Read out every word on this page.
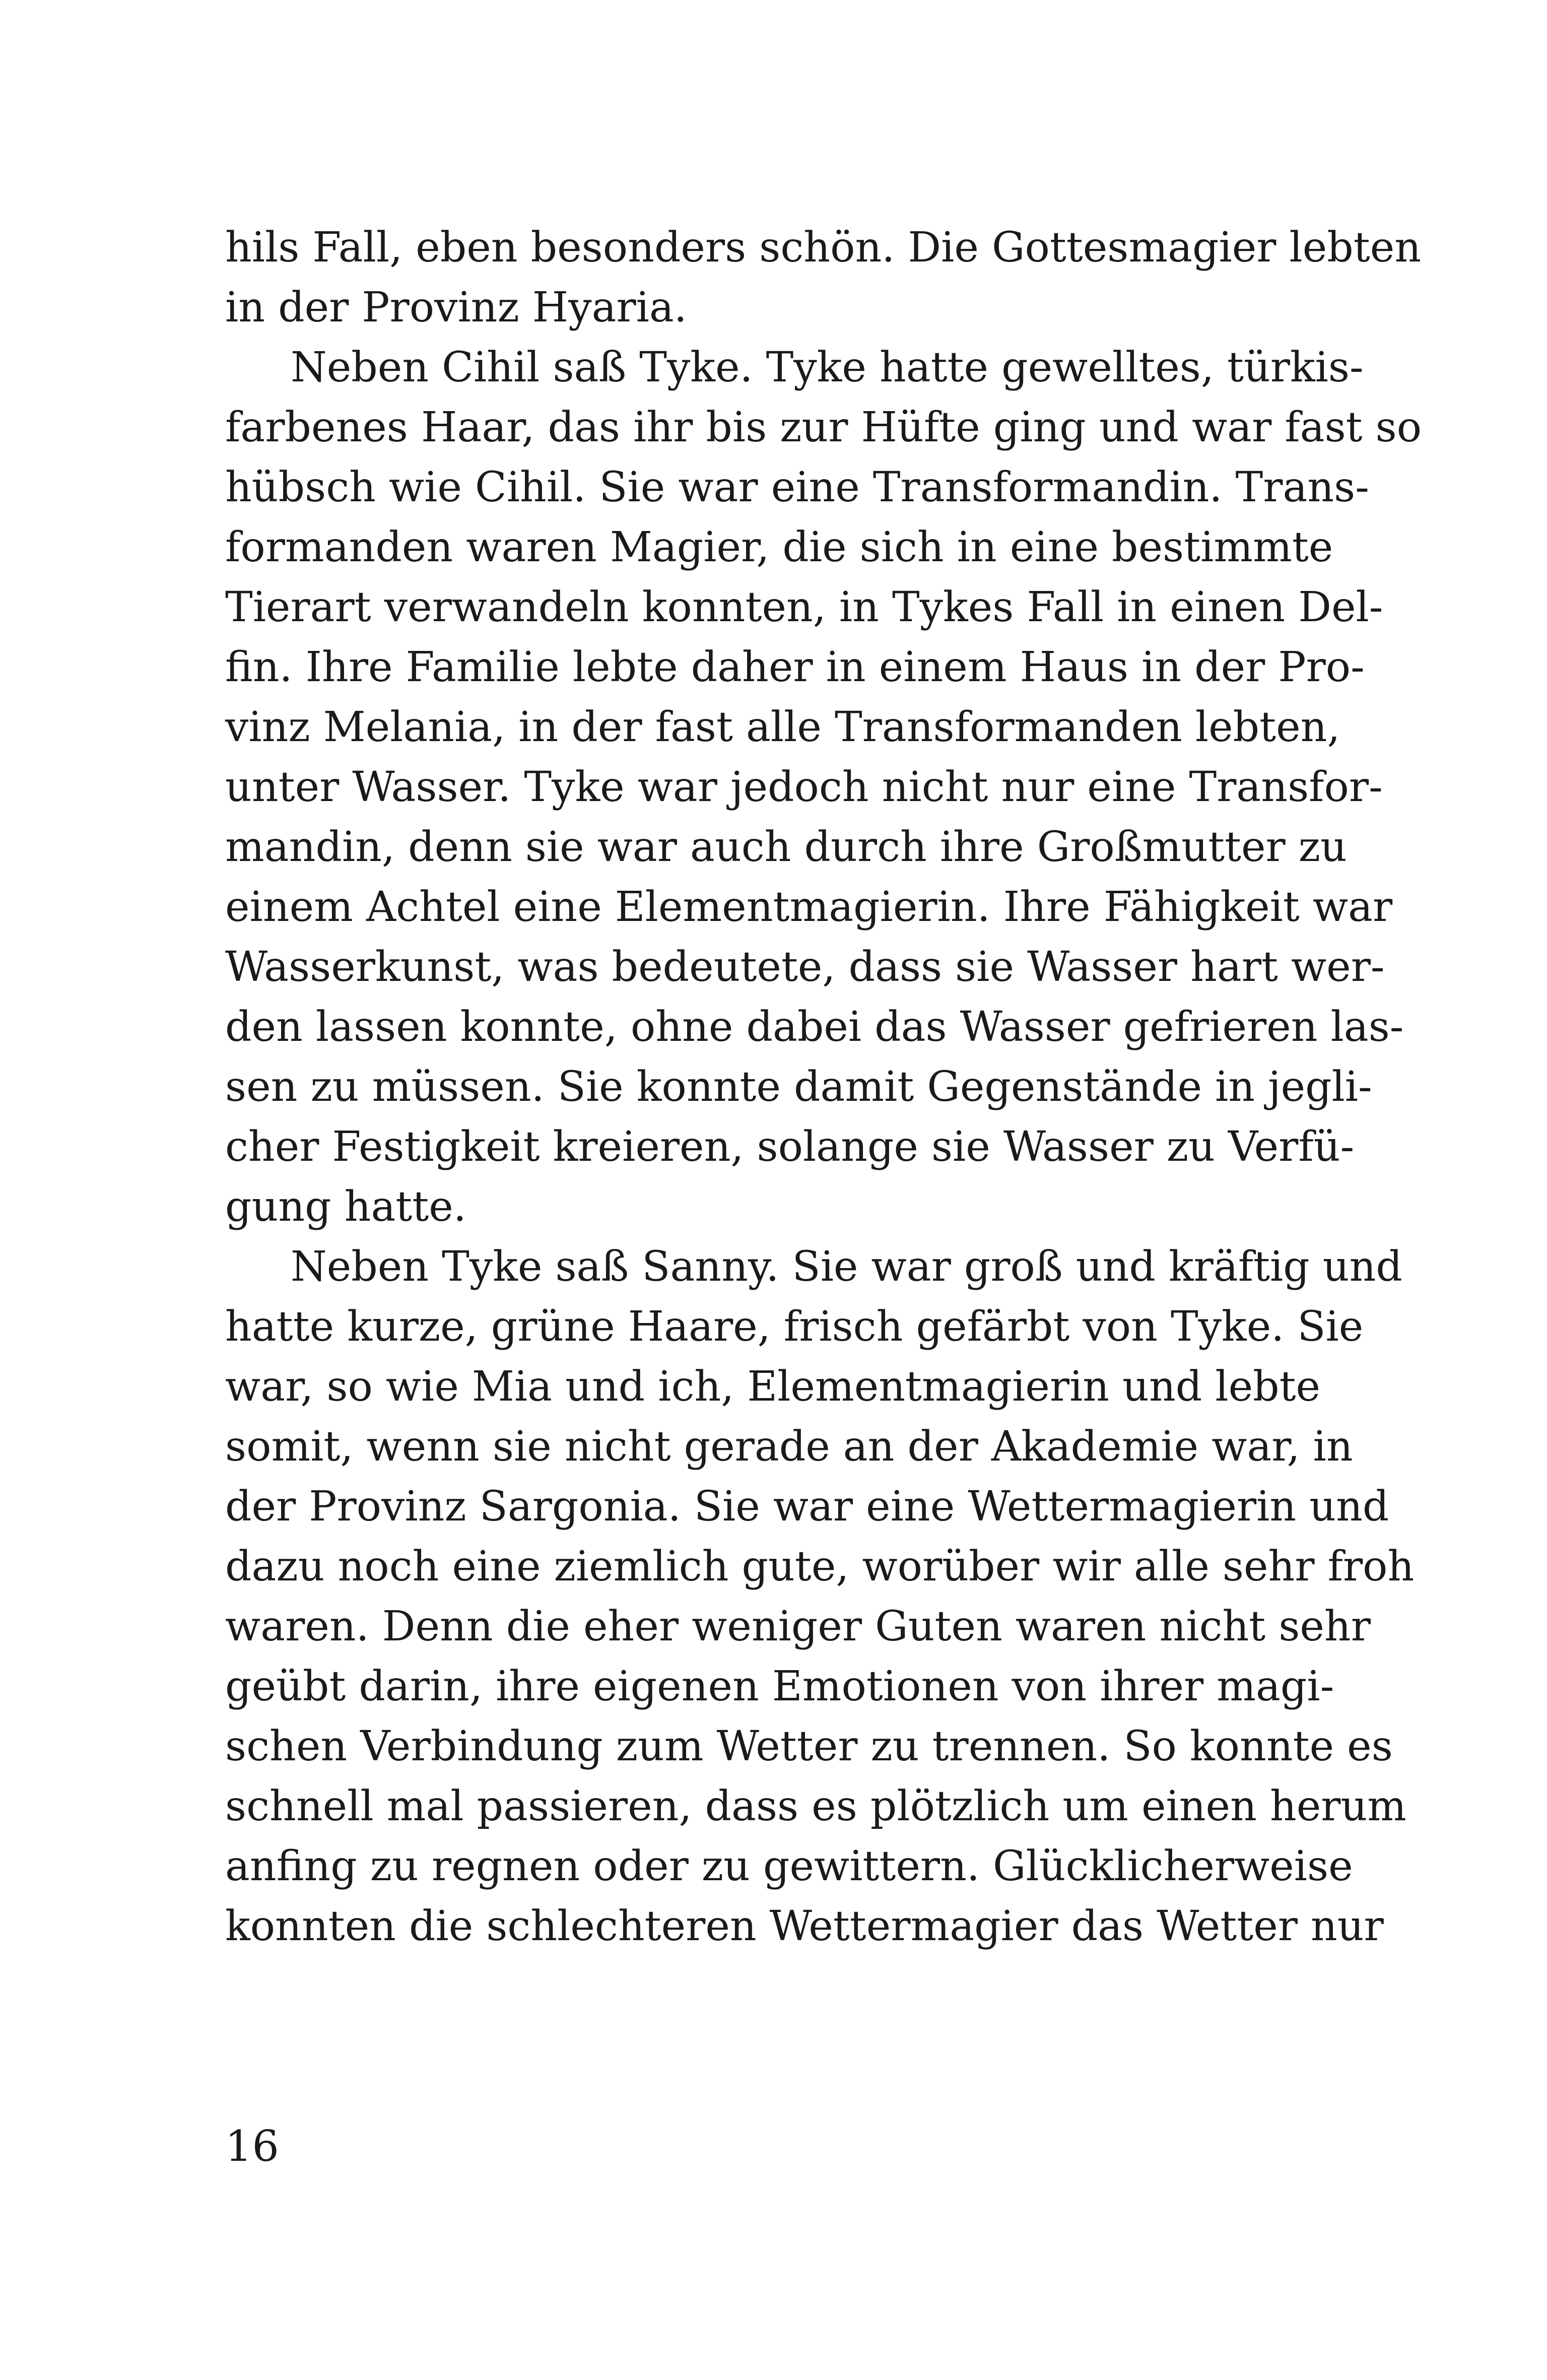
hils Fall, eben besonders schön. Die Gottesmagier lebten
in der Provinz Hyaria.
Neben Cihil saß Tyke. Tyke hatte gewelltes, türkis-
farbenes Haar, das ihr bis zur Hüfte ging und war fast so
hübsch wie Cihil. Sie war eine Transformandin. Trans-
formanden waren Magier, die sich in eine bestimmte
Tierart verwandeln konnten, in Tykes Fall in einen Del-
fin. Ihre Familie lebte daher in einem Haus in der Pro-
vinz Melania, in der fast alle Transformanden lebten,
unter Wasser. Tyke war jedoch nicht nur eine Transfor-
mandin, denn sie war auch durch ihre Großmutter zu
einem Achtel eine Elementmagierin. Ihre Fähigkeit war
Wasserkunst, was bedeutete, dass sie Wasser hart wer-
den lassen konnte, ohne dabei das Wasser gefrieren las-
sen zu müssen. Sie konnte damit Gegenstände in jegli-
cher Festigkeit kreieren, solange sie Wasser zu Verfü-
gung hatte.
Neben Tyke saß Sanny. Sie war groß und kräftig und
hatte kurze, grüne Haare, frisch gefärbt von Tyke. Sie
war, so wie Mia und ich, Elementmagierin und lebte
somit, wenn sie nicht gerade an der Akademie war, in
der Provinz Sargonia. Sie war eine Wettermagierin und
dazu noch eine ziemlich gute, worüber wir alle sehr froh
waren. Denn die eher weniger Guten waren nicht sehr
geübt darin, ihre eigenen Emotionen von ihrer magi-
schen Verbindung zum Wetter zu trennen. So konnte es
schnell mal passieren, dass es plötzlich um einen herum
anfing zu regnen oder zu gewittern. Glücklicherweise
konnten die schlechteren Wettermagier das Wetter nur
16
